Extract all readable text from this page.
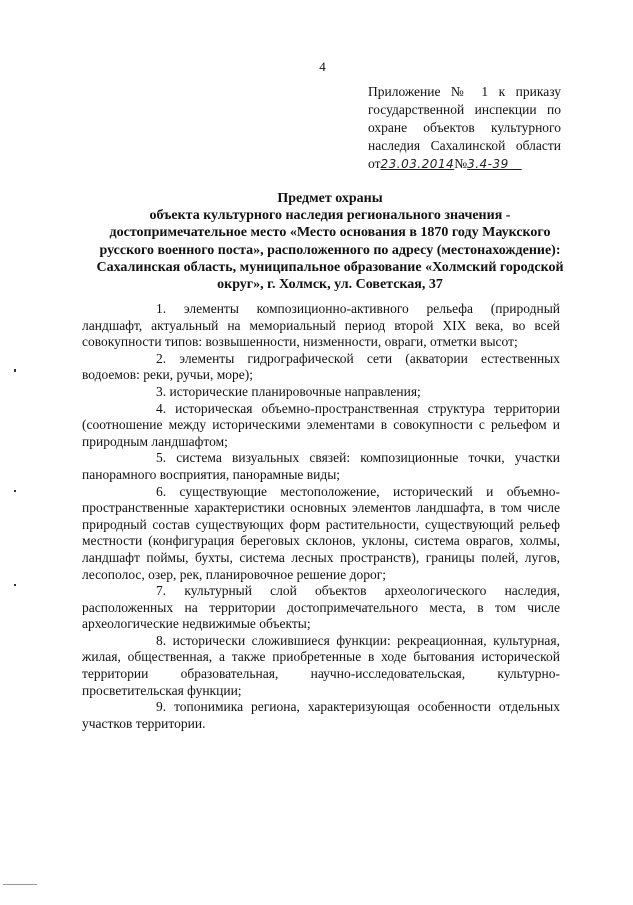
4
Приложение № 1 к приказу
государственной инспекции по
охране объектов культурного
наследия Сахалинской области
от23.03.2014№3.4-39
Предмет охраны
объекта культурного наследия регионального значения - достопримечательное место «Место основания в 1870 году Маукского русского военного поста», расположенного по адресу (местонахождение): Сахалинская область, муниципальное образование «Холмский городской округ», г. Холмск, ул. Советская, 37

1. элементы композиционно-активного рельефа (природный ландшафт, актуальный на мемориальный период второй XIX века, во всей совокупности типов: возвышенности, низменности, овраги, отметки высот;

2. элементы гидрографической сети (акватории естественных водоемов: реки, ручьи, море);

3. исторические планировочные направления;

4. историческая объемно-пространственная структура территории (соотношение между историческими элементами в совокупности с рельефом и природным ландшафтом;

5. система визуальных связей: композиционные точки, участки панорамного восприятия, панорамные виды;

6. существующие местоположение, исторический и объемно-пространственные характеристики основных элементов ландшафта, в том числе природный состав существующих форм растительности, существующий рельеф местности (конфигурация береговых склонов, уклоны, система оврагов, холмы, ландшафт поймы, бухты, система лесных пространств), границы полей, лугов, лесополос, озер, рек, планировочное решение дорог;

7. культурный слой объектов археологического наследия, расположенных на территории достопримечательного места, в том числе археологические недвижимые объекты;

8. исторически сложившиеся функции: рекреационная, культурная, жилая, общественная, а также приобретенные в ходе бытования исторической территории образовательная, научно-исследовательская, культурно-просветительская функции;

9. топонимика региона, характеризующая особенности отдельных участков территории.
